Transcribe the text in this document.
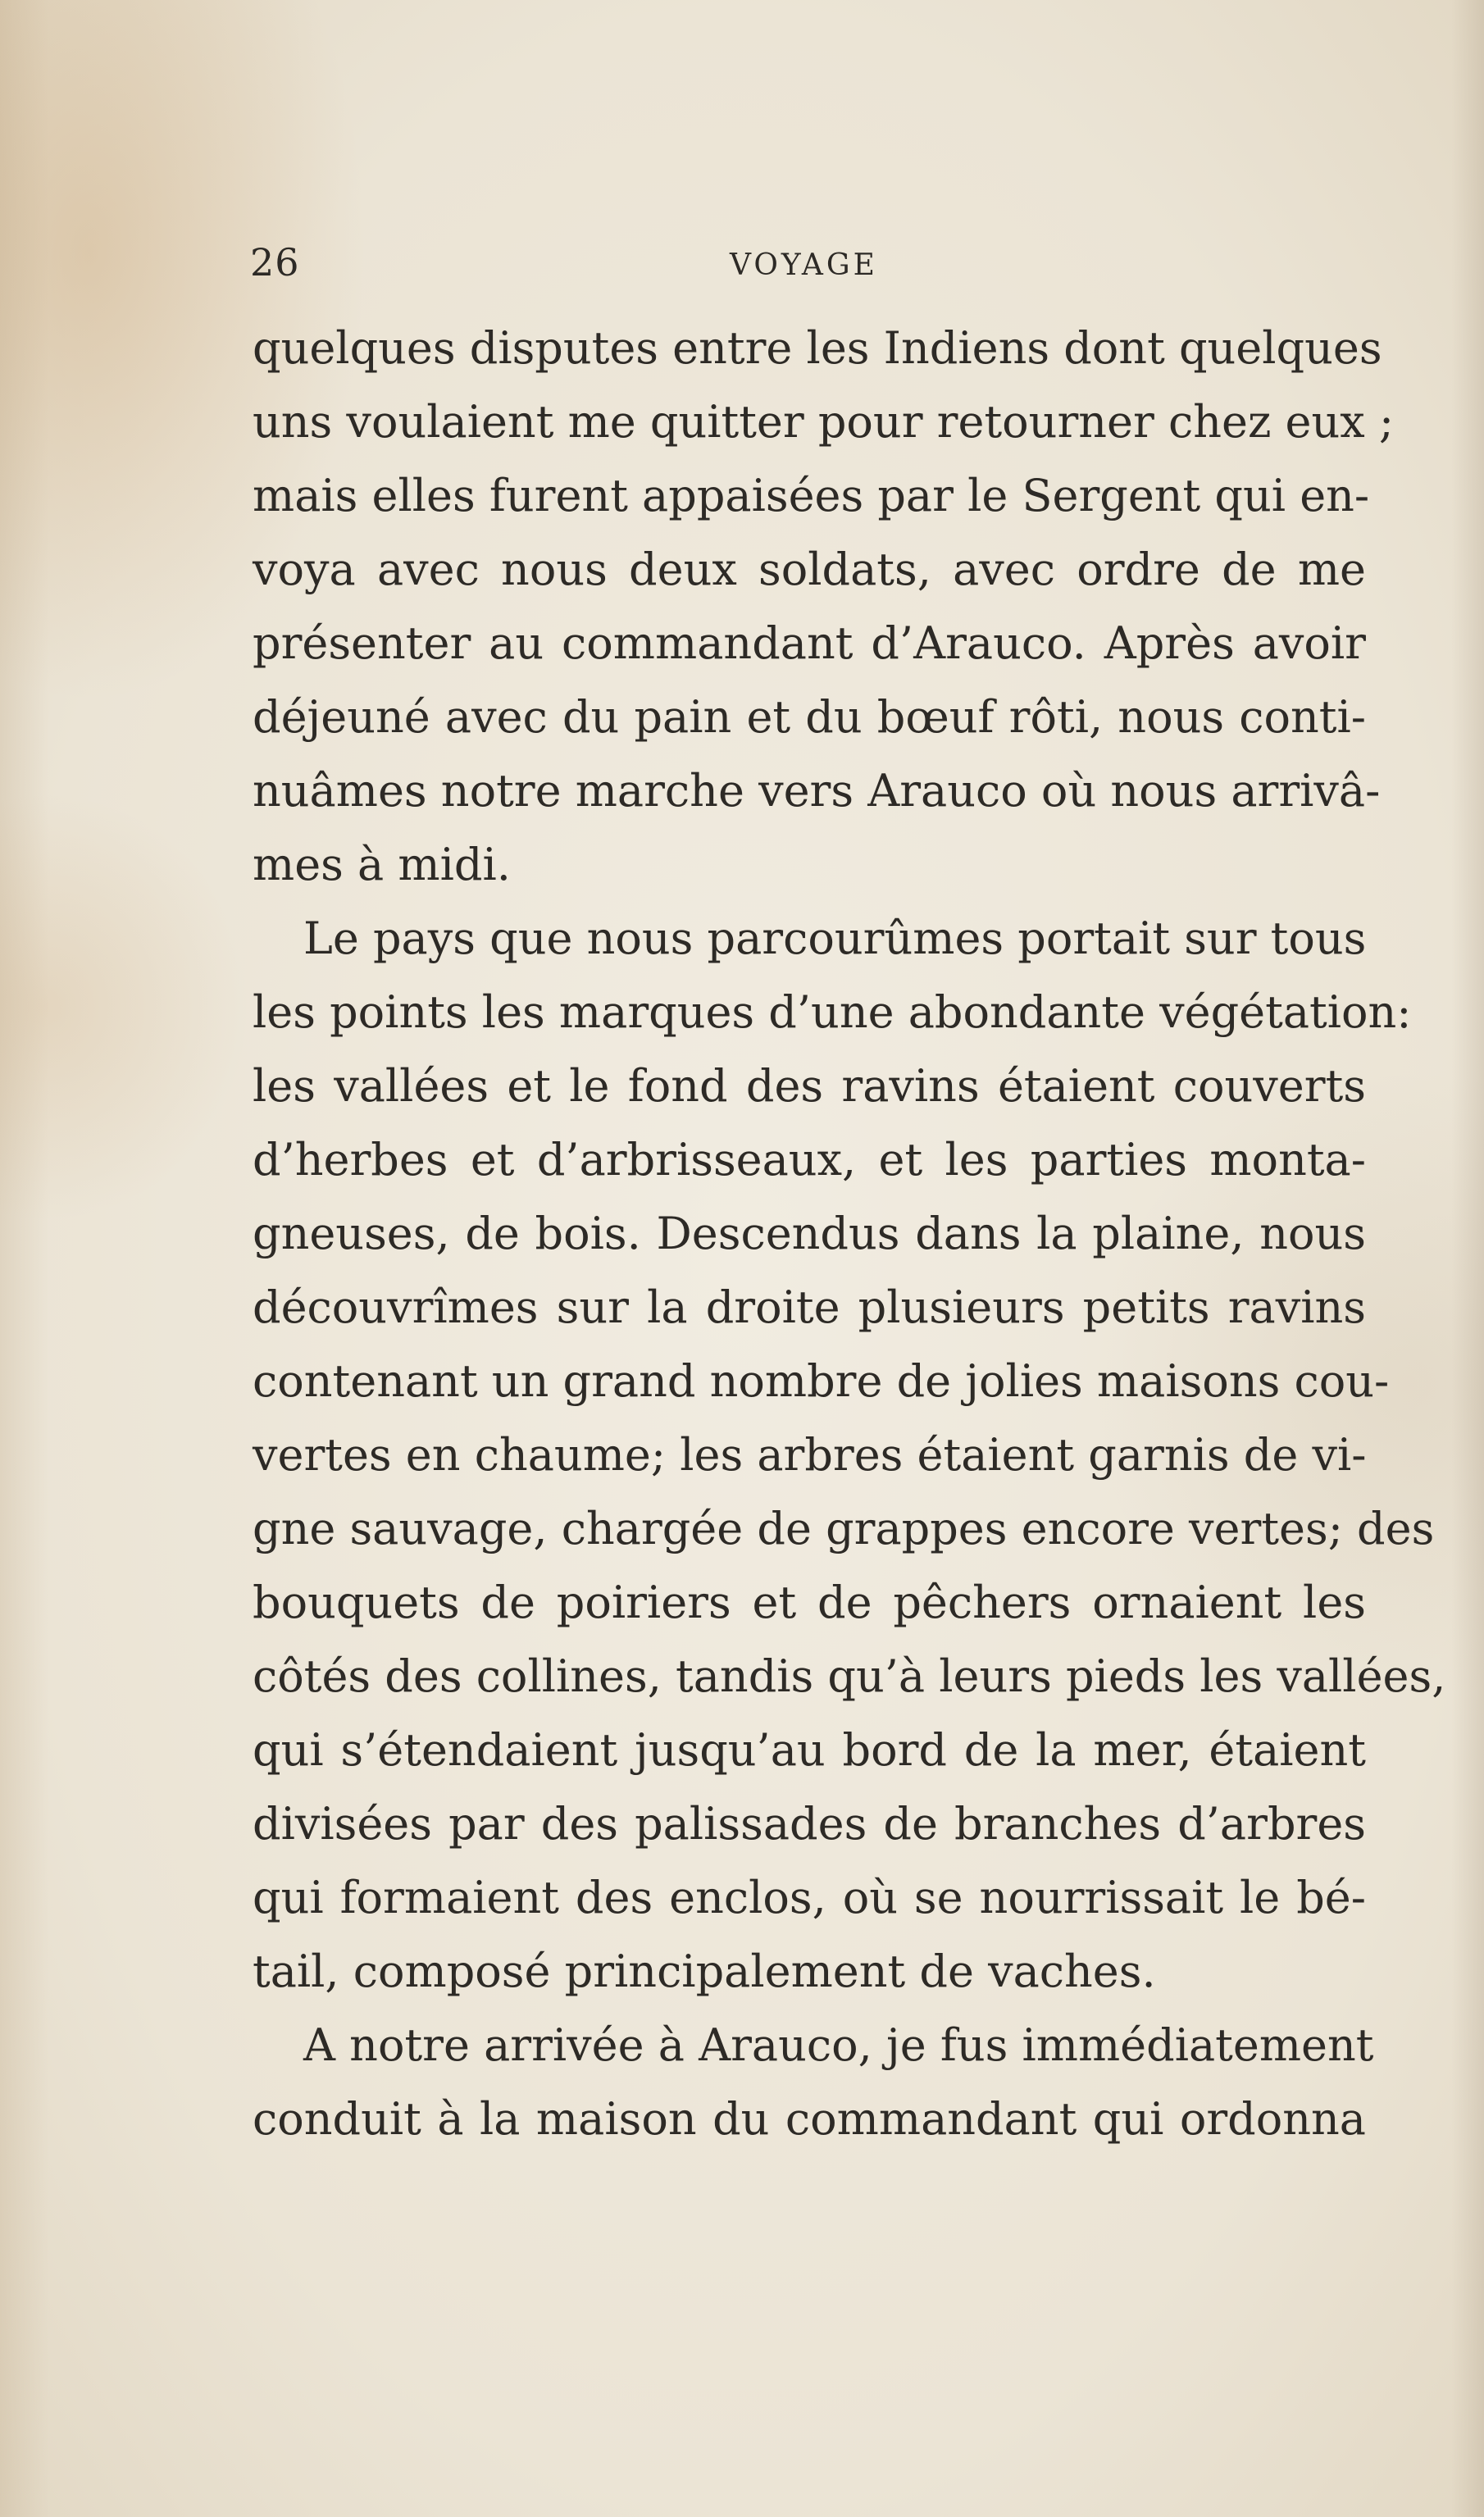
26	VOYAGE
quelques disputes entre les Indiens dont quelques
uns voulaient me quitter pour retourner chez eux ;
mais elles furent appaisées par le Sergent qui en-
voya avec nous deux soldats, avec ordre de me
présenter au commandant d’Arauco. Après avoir
déjeuné avec du pain et du bœuf rôti, nous conti-
nuâmes notre marche vers Arauco où nous arrivâ-
mes à midi.
Le pays que nous parcourûmes portait sur tous
les points les marques d’une abondante végétation:
les vallées et le fond des ravins étaient couverts
d’herbes et d’arbrisseaux, et les parties monta-
gneuses, de bois. Descendus dans la plaine, nous
découvrîmes sur la droite plusieurs petits ravins
contenant un grand nombre de jolies maisons cou-
vertes en chaume; les arbres étaient garnis de vi-
gne sauvage, chargée de grappes encore vertes; des
bouquets de poiriers et de pêchers ornaient les
côtés des collines, tandis qu’à leurs pieds les vallées,
qui s’étendaient jusqu’au bord de la mer, étaient
divisées par des palissades de branches d’arbres
qui formaient des enclos, où se nourrissait le bé-
tail, composé principalement de vaches.
A notre arrivée à Arauco, je fus immédiatement
conduit à la maison du commandant qui ordonna
